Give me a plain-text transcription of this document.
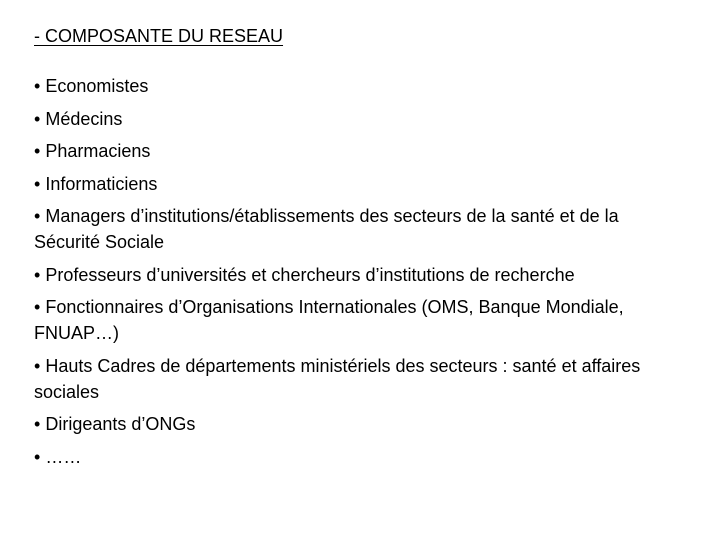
- COMPOSANTE DU RESEAU
• Economistes
• Médecins
• Pharmaciens
• Informaticiens
• Managers d’institutions/établissements des secteurs de la santé et de la Sécurité Sociale
• Professeurs d’universités et chercheurs d’institutions de recherche
• Fonctionnaires d’Organisations Internationales (OMS, Banque Mondiale, FNUAP…)
• Hauts Cadres de départements ministériels des secteurs : santé et affaires sociales
• Dirigeants d’ONGs
• ……
